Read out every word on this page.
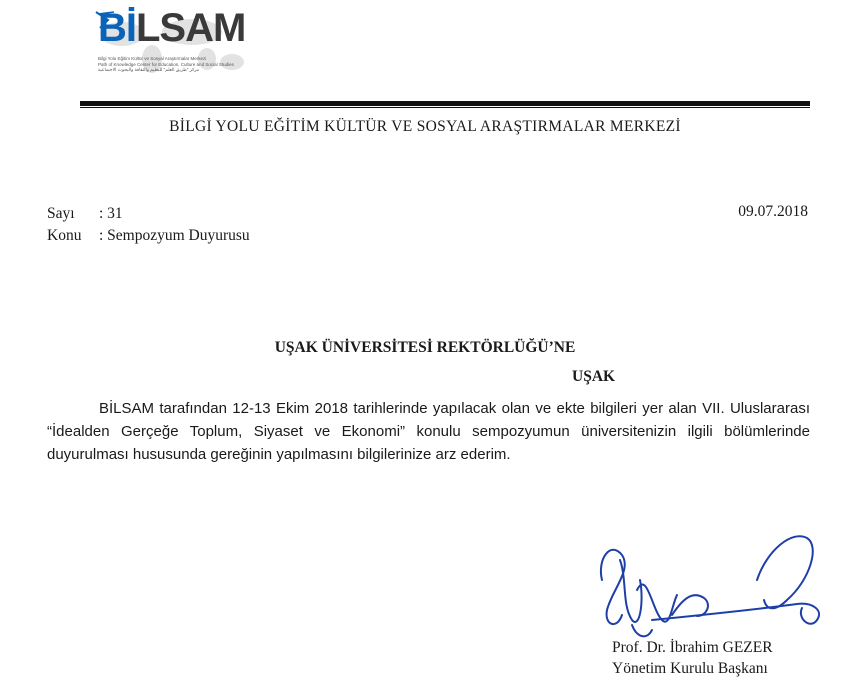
BİLSAM
Bilgi Yolu Eğitim Kültür ve Sosyal Araştırmalar Merkezi
Path of Knowledge Center for Education, Culture and Social Studies
مركز "طريق العلم" للتعليم والثقافة والبحوث الاجتماعية
BİLGİ YOLU EĞİTİM KÜLTÜR VE SOSYAL ARAŞTIRMALAR MERKEZİ
Sayı	: 31
Konu	: Sempozyum Duyurusu
09.07.2018
UŞAK ÜNİVERSİTESİ REKTÖRLÜĞÜ’NE
UŞAK

BİLSAM tarafından 12-13 Ekim 2018 tarihlerinde yapılacak olan ve ekte bilgileri yer alan VII. Uluslararası “İdealden Gerçeğe Toplum, Siyaset ve Ekonomi” konulu sempozyumun üniversitenizin ilgili bölümlerinde duyurulması hususunda gereğinin yapılmasını bilgilerinize arz ederim.

Prof. Dr. İbrahim GEZER
Yönetim Kurulu Başkanı
